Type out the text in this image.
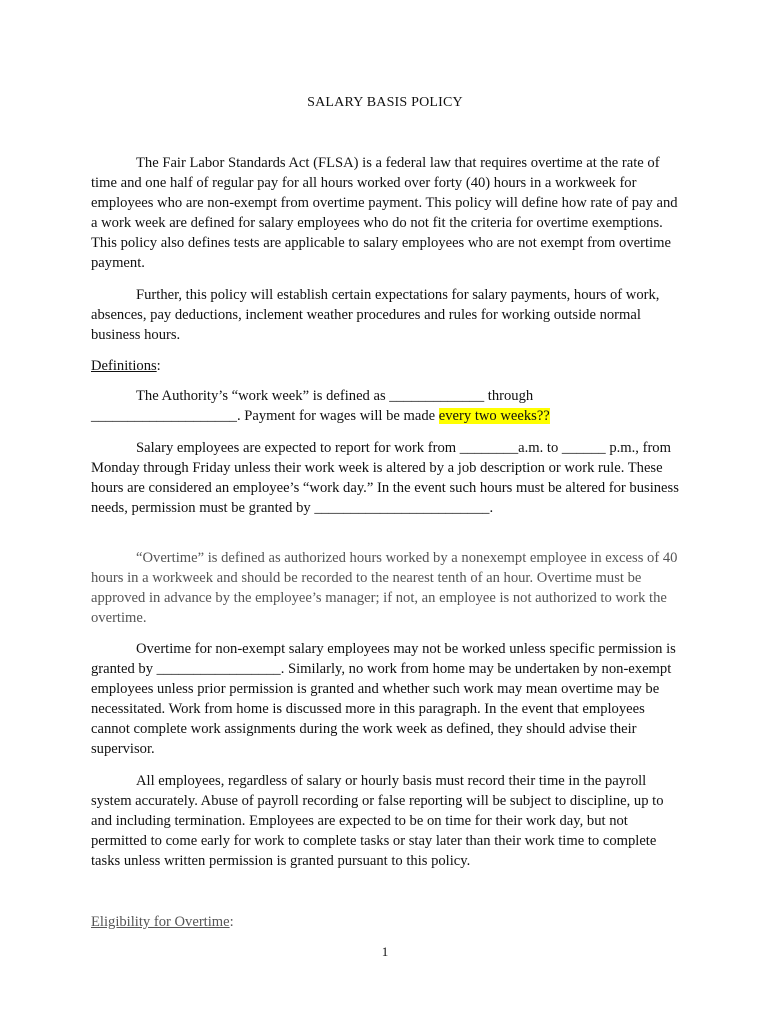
SALARY BASIS POLICY

The Fair Labor Standards Act (FLSA) is a federal law that requires overtime at the rate of time and one half of regular pay for all hours worked over forty (40) hours in a workweek for employees who are non-exempt from overtime payment. This policy will define how rate of pay and a work week are defined for salary employees who do not fit the criteria for overtime exemptions. This policy also defines tests are applicable to salary employees who are not exempt from overtime payment.

Further, this policy will establish certain expectations for salary payments, hours of work, absences, pay deductions, inclement weather procedures and rules for working outside normal business hours.

Definitions:

The Authority’s “work week” is defined as _____________ through ____________________. Payment for wages will be made every two weeks??

Salary employees are expected to report for work from ________a.m. to ______ p.m., from Monday through Friday unless their work week is altered by a job description or work rule. These hours are considered an employee’s “work day.” In the event such hours must be altered for business needs, permission must be granted by ________________________.

“Overtime” is defined as authorized hours worked by a nonexempt employee in excess of 40 hours in a workweek and should be recorded to the nearest tenth of an hour. Overtime must be approved in advance by the employee’s manager; if not, an employee is not authorized to work the overtime.

Overtime for non-exempt salary employees may not be worked unless specific permission is granted by _________________. Similarly, no work from home may be undertaken by non-exempt employees unless prior permission is granted and whether such work may mean overtime may be necessitated. Work from home is discussed more in this paragraph. In the event that employees cannot complete work assignments during the work week as defined, they should advise their supervisor.

All employees, regardless of salary or hourly basis must record their time in the payroll system accurately. Abuse of payroll recording or false reporting will be subject to discipline, up to and including termination. Employees are expected to be on time for their work day, but not permitted to come early for work to complete tasks or stay later than their work time to complete tasks unless written permission is granted pursuant to this policy.

Eligibility for Overtime:

1
